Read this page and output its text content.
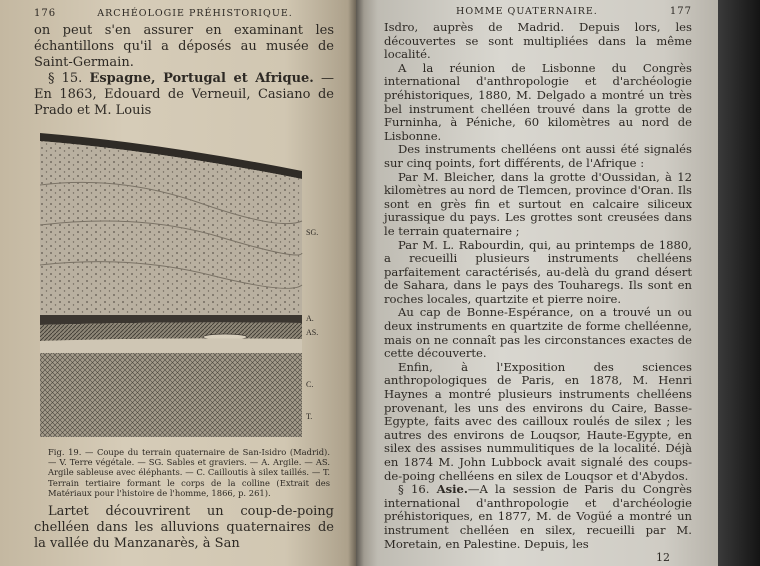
176	ARCHÉOLOGIE PRÉHISTORIQUE.

on peut s'en assurer en examinant les échantillons qu'il a déposés au musée de Saint-Germain.

§ 15. Espagne, Portugal et Afrique. — En 1863, Edouard de Verneuil, Casiano de Prado et M. Louis

SG.
A.
AS.
C.
T.
Fig. 19. — Coupe du terrain quaternaire de San-Isidro (Madrid). — V. Terre végétale. — SG. Sables et graviers. — A. Argile. — AS. Argile sableuse avec éléphants. — C. Cailloutis à silex taillés. — T. Terrain tertiaire formant le corps de la colline (Extrait des Matériaux pour l'histoire de l'homme, 1866, p. 261).

Lartet découvrirent un coup-de-poing chelléen dans les alluvions quaternaires de la vallée du Manzanarès, à San

HOMME QUATERNAIRE.	177

Isdro, auprès de Madrid. Depuis lors, les découvertes se sont multipliées dans la même localité.

A la réunion de Lisbonne du Congrès international d'anthropologie et d'archéologie préhistoriques, 1880, M. Delgado a montré un très bel instrument chelléen trouvé dans la grotte de Furninha, à Péniche, 60 kilomètres au nord de Lisbonne.

Des instruments chelléens ont aussi été signalés sur cinq points, fort différents, de l'Afrique :

Par M. Bleicher, dans la grotte d'Oussidan, à 12 kilomètres au nord de Tlemcen, province d'Oran. Ils sont en grès fin et surtout en calcaire siliceux jurassique du pays. Les grottes sont creusées dans le terrain quaternaire ;

Par M. L. Rabourdin, qui, au printemps de 1880, a recueilli plusieurs instruments chelléens parfaitement caractérisés, au-delà du grand désert de Sahara, dans le pays des Touharegs. Ils sont en roches locales, quartzite et pierre noire.

Au cap de Bonne-Espérance, on a trouvé un ou deux instruments en quartzite de forme chelléenne, mais on ne connaît pas les circonstances exactes de cette découverte.

Enfin, à l'Exposition des sciences anthropologiques de Paris, en 1878, M. Henri Haynes a montré plusieurs instruments chelléens provenant, les uns des environs du Caire, Basse-Egypte, faits avec des cailloux roulés de silex ; les autres des environs de Louqsor, Haute-Egypte, en silex des assises nummulitiques de la localité. Déjà en 1874 M. John Lubbock avait signalé des coups-de-poing chelléens en silex de Louqsor et d'Abydos.

§ 16. Asie.—A la session de Paris du Congrès international d'anthropologie et d'archéologie préhistoriques, en 1877, M. de Vogüé a montré un instrument chelléen en silex, recueilli par M. Moretain, en Palestine. Depuis, les

12
